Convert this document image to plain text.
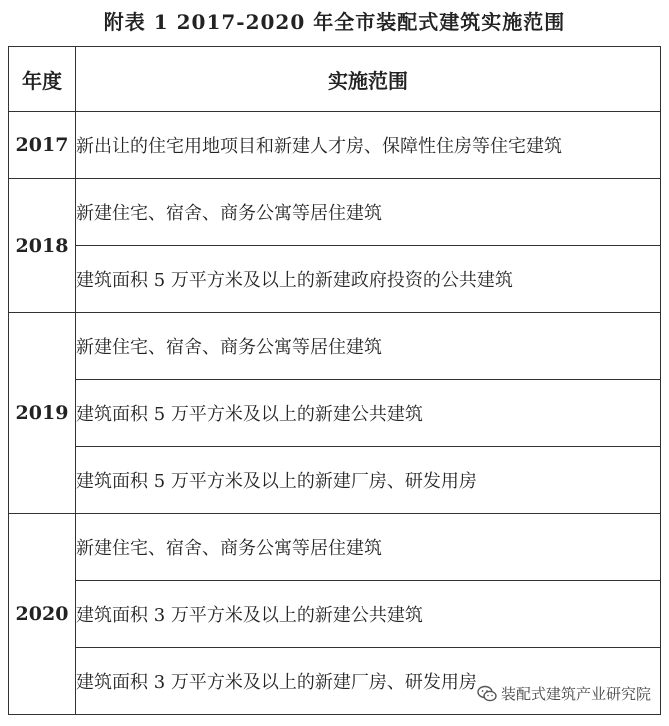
附表 1 2017-2020 年全市装配式建筑实施范围
年度	实施范围
2017	新出让的住宅用地项目和新建人才房、保障性住房等住宅建筑
2018	新建住宅、宿舍、商务公寓等居住建筑
	建筑面积 5 万平方米及以上的新建政府投资的公共建筑
2019	新建住宅、宿舍、商务公寓等居住建筑
	建筑面积 5 万平方米及以上的新建公共建筑
	建筑面积 5 万平方米及以上的新建厂房、研发用房
2020	新建住宅、宿舍、商务公寓等居住建筑
	建筑面积 3 万平方米及以上的新建公共建筑
	建筑面积 3 万平方米及以上的新建厂房、研发用房
装配式建筑产业研究院
